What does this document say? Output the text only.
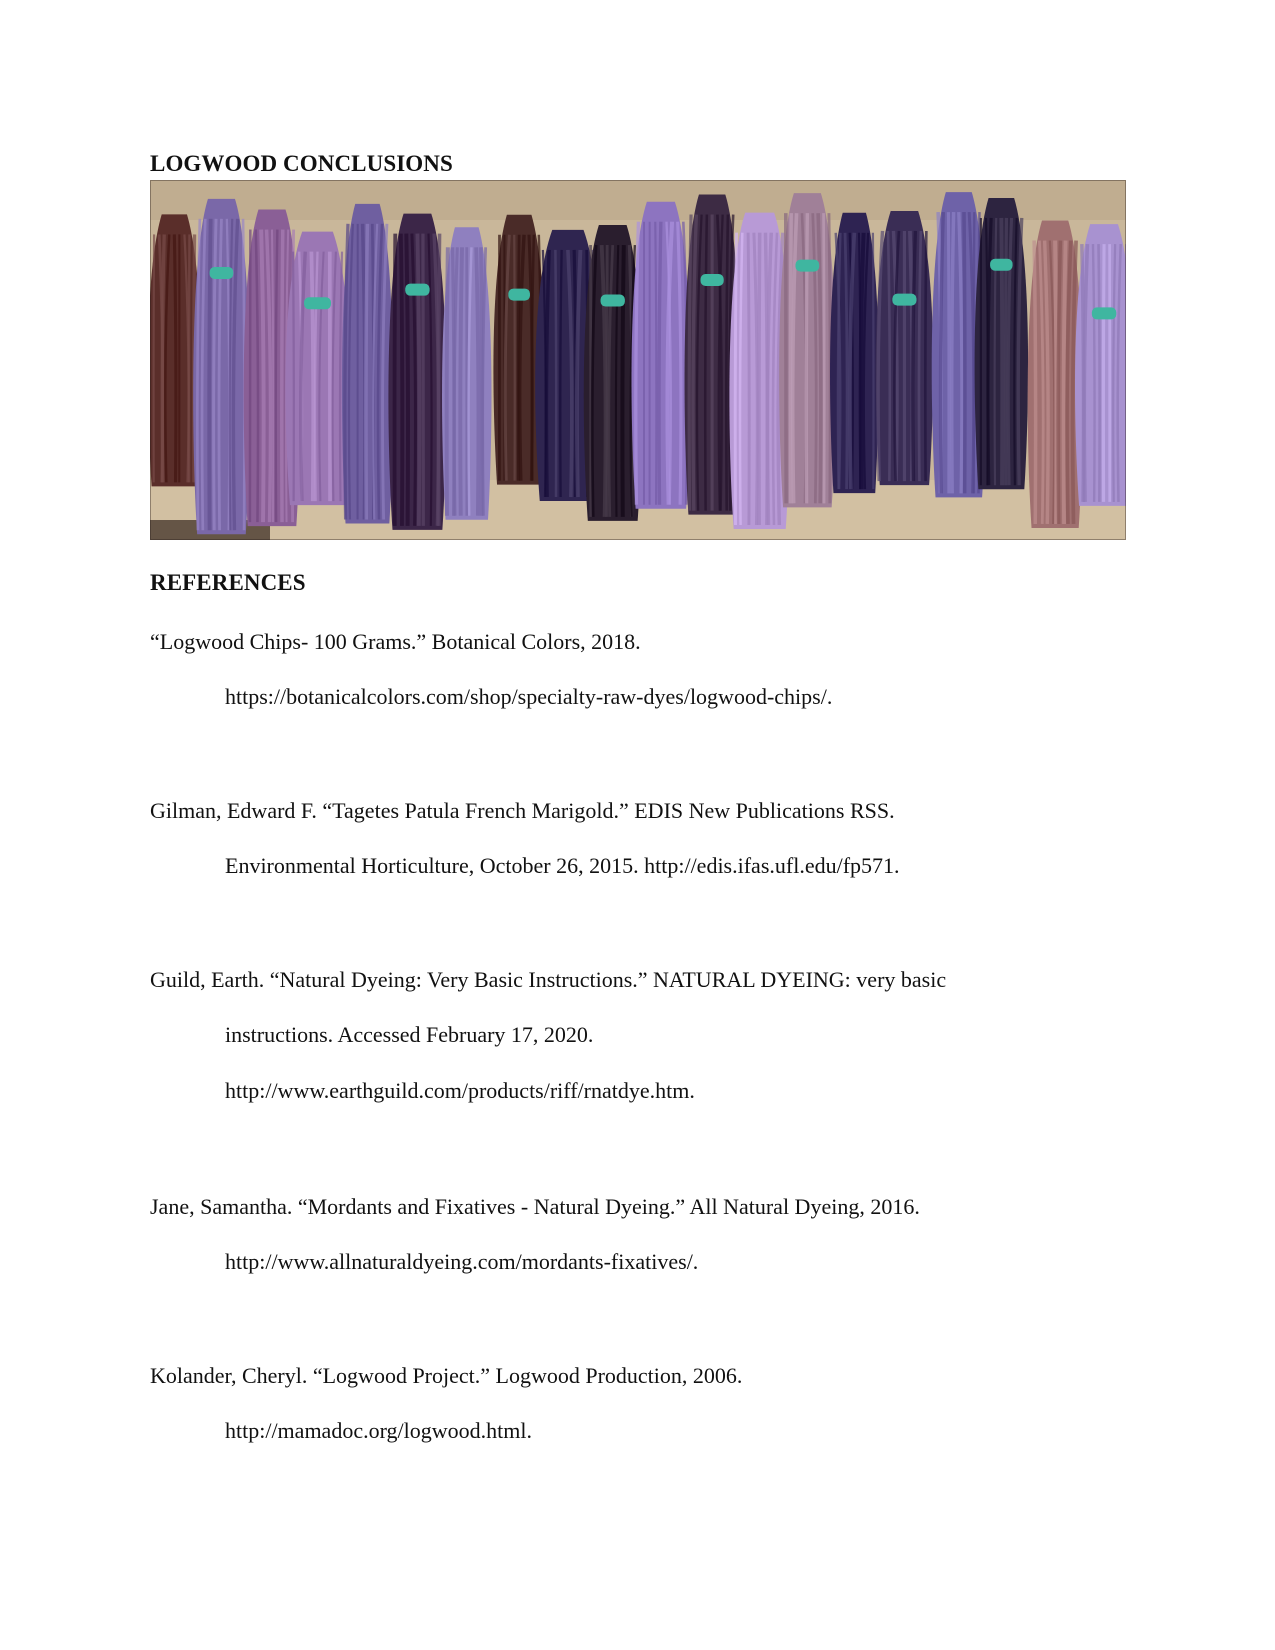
LOGWOOD CONCLUSIONS
REFERENCES
“Logwood Chips- 100 Grams.” Botanical Colors, 2018.
https://botanicalcolors.com/shop/specialty-raw-dyes/logwood-chips/.
Gilman, Edward F. “Tagetes Patula French Marigold.” EDIS New Publications RSS.
Environmental Horticulture, October 26, 2015. http://edis.ifas.ufl.edu/fp571.
Guild, Earth. “Natural Dyeing: Very Basic Instructions.” NATURAL DYEING: very basic
instructions. Accessed February 17, 2020.
http://www.earthguild.com/products/riff/rnatdye.htm.
Jane, Samantha. “Mordants and Fixatives - Natural Dyeing.” All Natural Dyeing, 2016.
http://www.allnaturaldyeing.com/mordants-fixatives/.
Kolander, Cheryl. “Logwood Project.” Logwood Production, 2006.
http://mamadoc.org/logwood.html.
